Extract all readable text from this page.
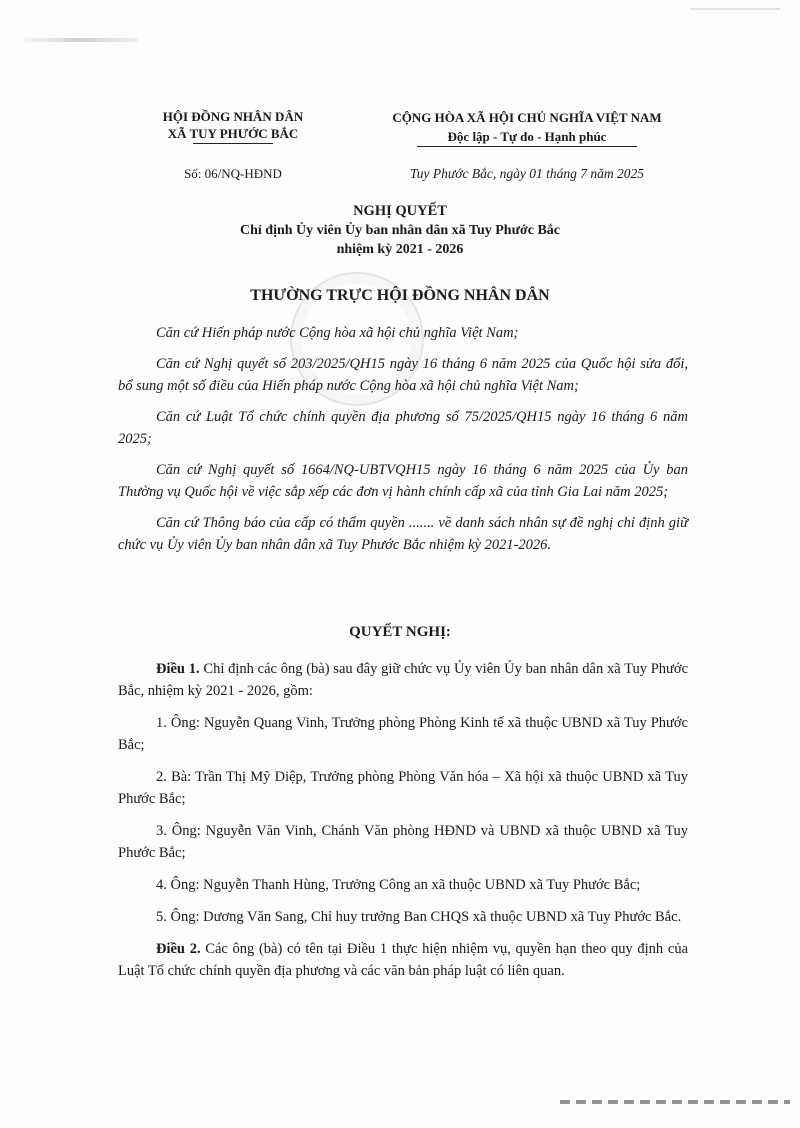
HỘI ĐỒNG NHÂN DÂN
XÃ TUY PHƯỚC BẮC
CỘNG HÒA XÃ HỘI CHỦ NGHĨA VIỆT NAM
Độc lập - Tự do - Hạnh phúc
Số: 06/NQ-HĐND	Tuy Phước Bắc, ngày 01 tháng 7 năm 2025
NGHỊ QUYẾT
Chỉ định Ủy viên Ủy ban nhân dân xã Tuy Phước Bắc
nhiệm kỳ 2021 - 2026
THƯỜNG TRỰC HỘI ĐỒNG NHÂN DÂN

Căn cứ Hiến pháp nước Cộng hòa xã hội chủ nghĩa Việt Nam;

Căn cứ Nghị quyết số 203/2025/QH15 ngày 16 tháng 6 năm 2025 của Quốc hội sửa đổi, bổ sung một số điều của Hiến pháp nước Cộng hòa xã hội chủ nghĩa Việt Nam;

Căn cứ Luật Tổ chức chính quyền địa phương số 75/2025/QH15 ngày 16 tháng 6 năm 2025;

Căn cứ Nghị quyết số 1664/NQ-UBTVQH15 ngày 16 tháng 6 năm 2025 của Ủy ban Thường vụ Quốc hội về việc sắp xếp các đơn vị hành chính cấp xã của tỉnh Gia Lai năm 2025;

Căn cứ Thông báo của cấp có thẩm quyền ....... về danh sách nhân sự đề nghị chỉ định giữ chức vụ Ủy viên Ủy ban nhân dân xã Tuy Phước Bắc nhiệm kỳ 2021-2026.

QUYẾT NGHỊ:

Điều 1. Chỉ định các ông (bà) sau đây giữ chức vụ Ủy viên Ủy ban nhân dân xã Tuy Phước Bắc, nhiệm kỳ 2021 - 2026, gồm:

1. Ông: Nguyễn Quang Vinh, Trưởng phòng Phòng Kinh tế xã thuộc UBND xã Tuy Phước Bắc;

2. Bà: Trần Thị Mỹ Diệp, Trưởng phòng Phòng Văn hóa – Xã hội xã thuộc UBND xã Tuy Phước Bắc;

3. Ông: Nguyễn Văn Vinh, Chánh Văn phòng HĐND và UBND xã thuộc UBND xã Tuy Phước Bắc;

4. Ông: Nguyễn Thanh Hùng, Trưởng Công an xã thuộc UBND xã Tuy Phước Bắc;

5. Ông: Dương Văn Sang, Chỉ huy trưởng Ban CHQS xã thuộc UBND xã Tuy Phước Bắc.

Điều 2. Các ông (bà) có tên tại Điều 1 thực hiện nhiệm vụ, quyền hạn theo quy định của Luật Tổ chức chính quyền địa phương và các văn bản pháp luật có liên quan.
